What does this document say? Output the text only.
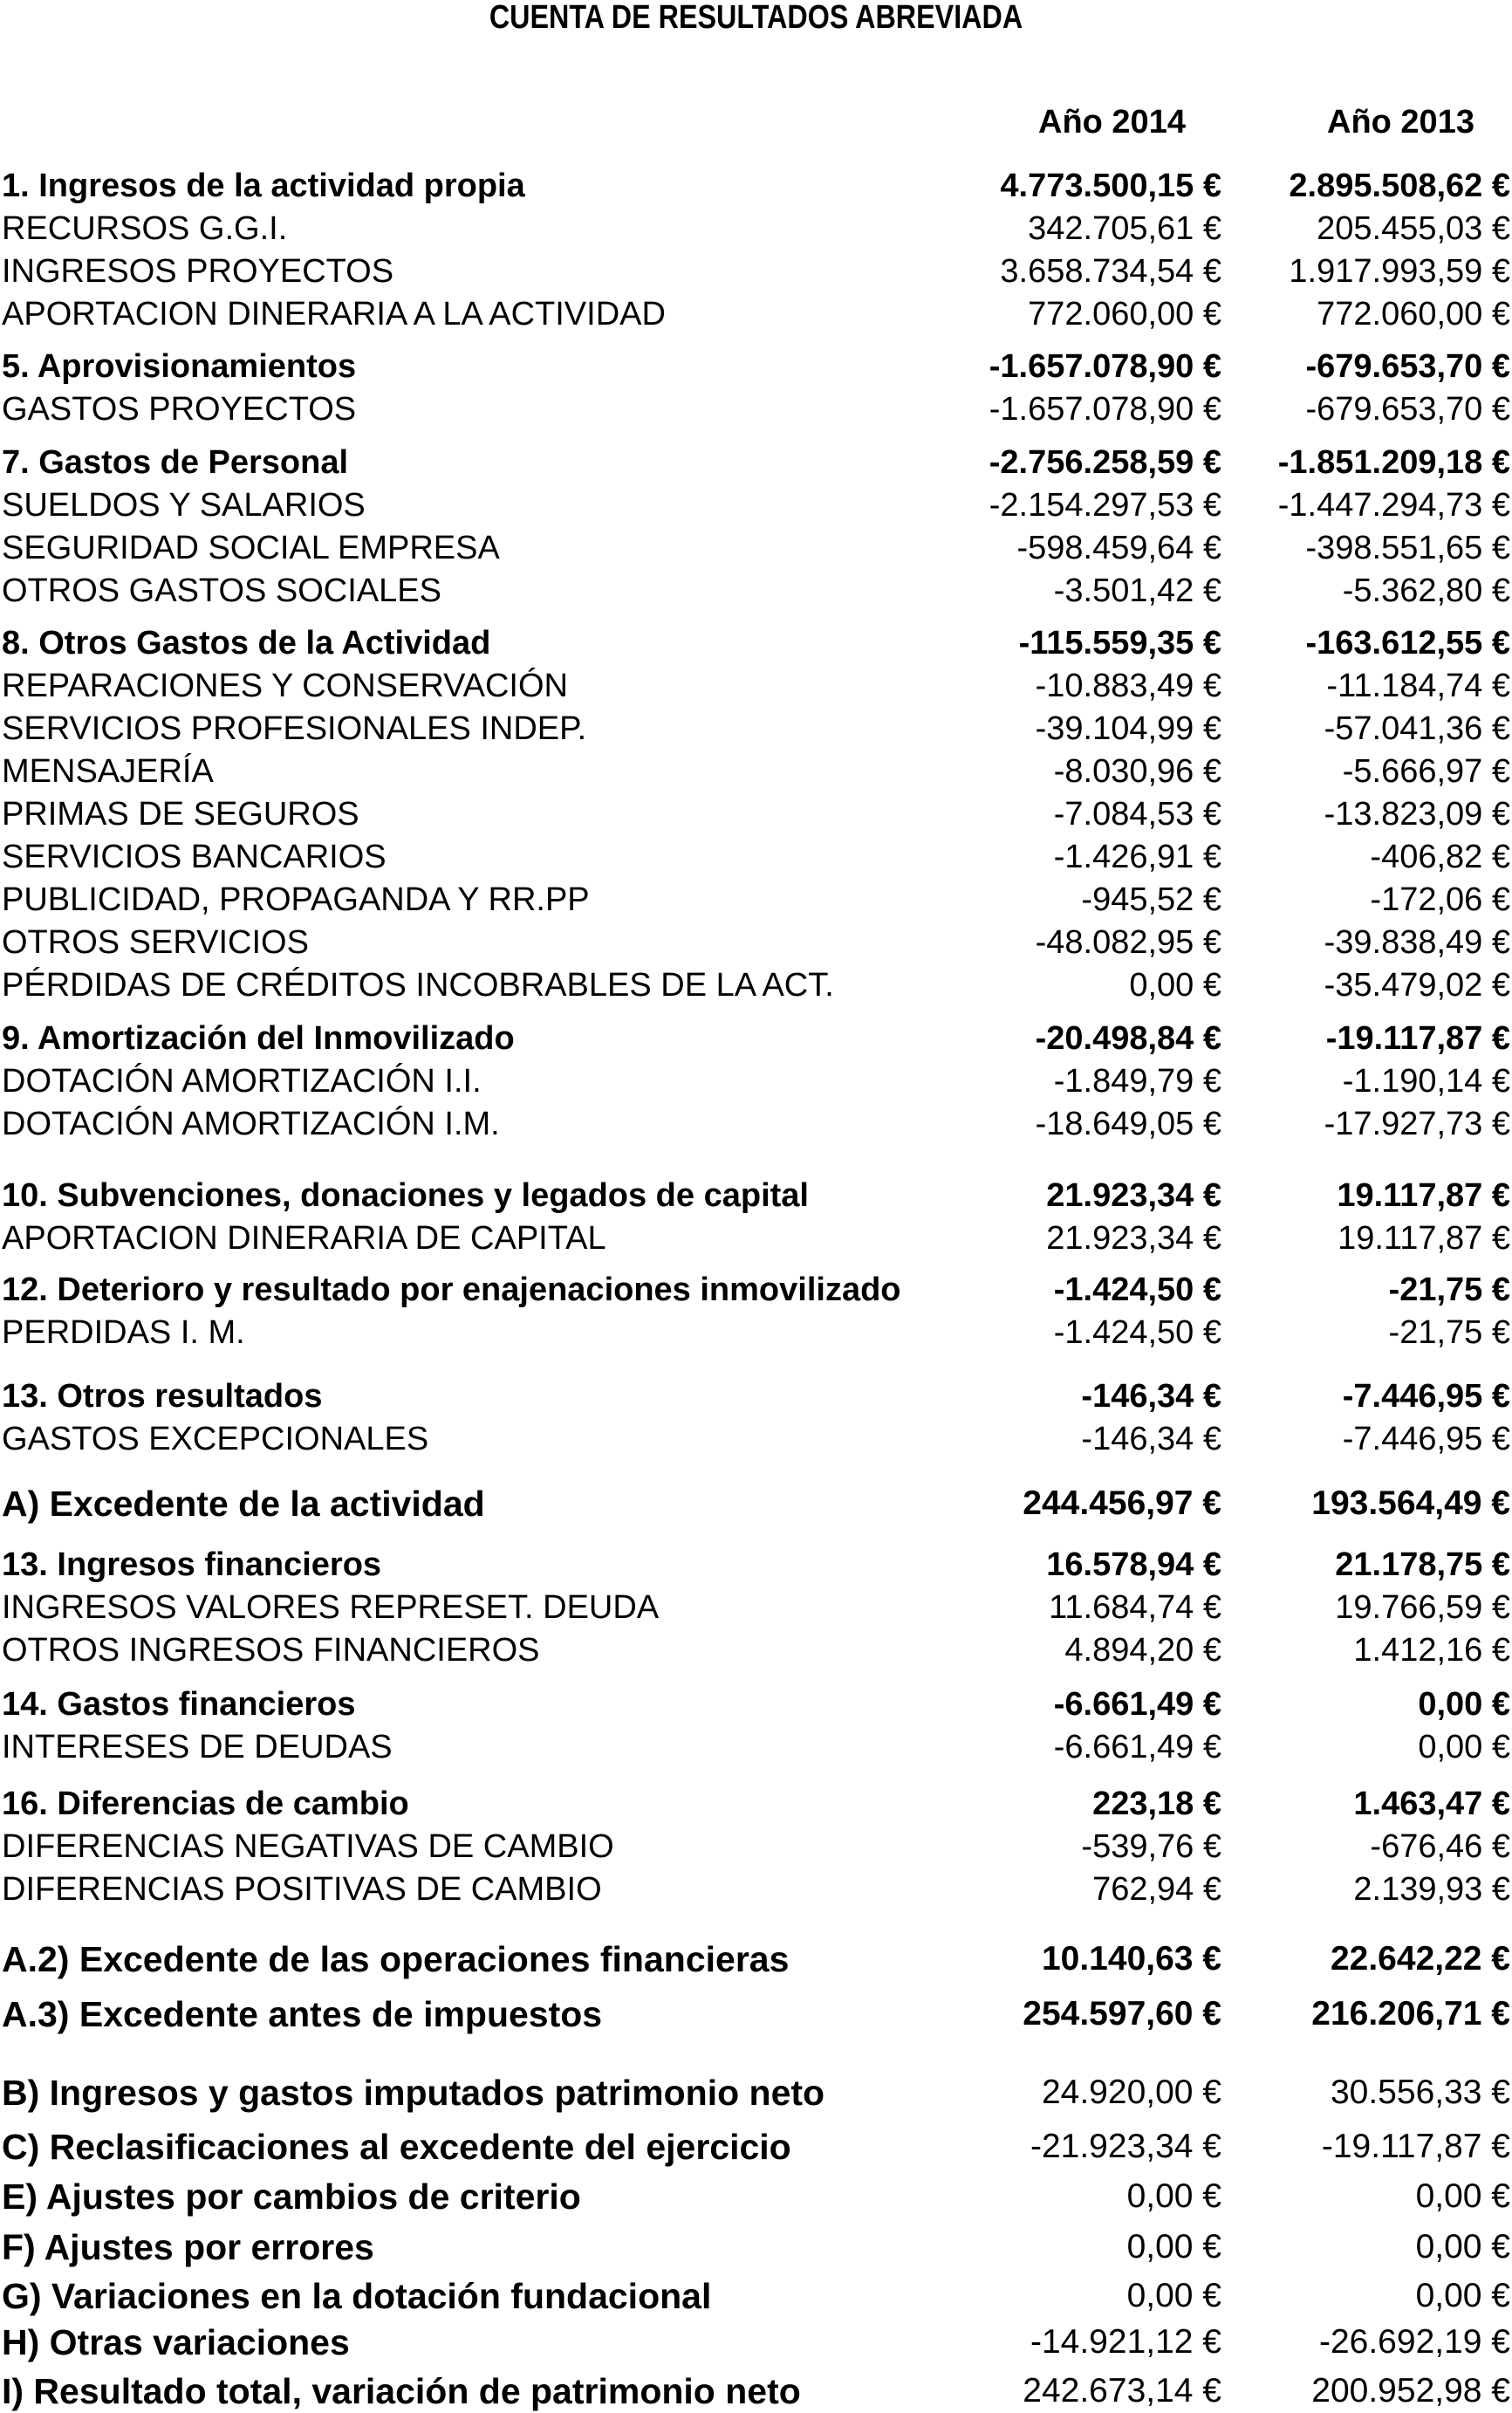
CUENTA DE RESULTADOS ABREVIADA
Año 2014	Año 2013
1. Ingresos de la actividad propia	4.773.500,15 € 2.895.508,62 €
RECURSOS G.G.I.	342.705,61 €	205.455,03 €
INGRESOS PROYECTOS	3.658.734,54 € 1.917.993,59 €
APORTACION DINERARIA A LA ACTIVIDAD	772.060,00 €	772.060,00 €
5. Aprovisionamientos	-1.657.078,90 €	-679.653,70 €
GASTOS PROYECTOS	-1.657.078,90 €	-679.653,70 €
7. Gastos de Personal	-2.756.258,59 € -1.851.209,18 €
SUELDOS Y SALARIOS	-2.154.297,53 € -1.447.294,73 €
SEGURIDAD SOCIAL EMPRESA	-598.459,64 €	-398.551,65 €
OTROS GASTOS SOCIALES	-3.501,42 €	-5.362,80 €
8. Otros Gastos de la Actividad	-115.559,35 €	-163.612,55 €
REPARACIONES Y CONSERVACIÓN	-10.883,49 €	-11.184,74 €
SERVICIOS PROFESIONALES INDEP.	-39.104,99 €	-57.041,36 €
MENSAJERÍA	-8.030,96 €	-5.666,97 €
PRIMAS DE SEGUROS	-7.084,53 €	-13.823,09 €
SERVICIOS BANCARIOS	-1.426,91 €	-406,82 €
PUBLICIDAD, PROPAGANDA Y RR.PP	-945,52 €	-172,06 €
OTROS SERVICIOS	-48.082,95 €	-39.838,49 €
PÉRDIDAS DE CRÉDITOS INCOBRABLES DE LA ACT.	0,00 €	-35.479,02 €
9. Amortización del Inmovilizado	-20.498,84 €	-19.117,87 €
DOTACIÓN AMORTIZACIÓN I.I.	-1.849,79 €	-1.190,14 €
DOTACIÓN AMORTIZACIÓN I.M.	-18.649,05 €	-17.927,73 €
10. Subvenciones, donaciones y legados de capital	21.923,34 €	19.117,87 €
APORTACION DINERARIA DE CAPITAL	21.923,34 €	19.117,87 €
12. Deterioro y resultado por enajenaciones inmovilizado	-1.424,50 €	-21,75 €
PERDIDAS I. M.	-1.424,50 €	-21,75 €
13. Otros resultados	-146,34 €	-7.446,95 €
GASTOS EXCEPCIONALES	-146,34 €	-7.446,95 €
A) Excedente de la actividad	244.456,97 €	193.564,49 €
13. Ingresos financieros	16.578,94 €	21.178,75 €
INGRESOS VALORES REPRESET. DEUDA	11.684,74 €	19.766,59 €
OTROS INGRESOS FINANCIEROS	4.894,20 €	1.412,16 €
14. Gastos financieros	-6.661,49 €	0,00 €
INTERESES DE DEUDAS	-6.661,49 €	0,00 €
16. Diferencias de cambio	223,18 €	1.463,47 €
DIFERENCIAS NEGATIVAS DE CAMBIO	-539,76 €	-676,46 €
DIFERENCIAS POSITIVAS DE CAMBIO	762,94 €	2.139,93 €
A.2) Excedente de las operaciones financieras	10.140,63 €	22.642,22 €
A.3) Excedente antes de impuestos	254.597,60 €	216.206,71 €
B) Ingresos y gastos imputados patrimonio neto	24.920,00 €	30.556,33 €
C) Reclasificaciones al excedente del ejercicio	-21.923,34 €	-19.117,87 €
E) Ajustes por cambios de criterio	0,00 €	0,00 €
F) Ajustes por errores	0,00 €	0,00 €
G) Variaciones en la dotación fundacional	0,00 €	0,00 €
H) Otras variaciones	-14.921,12 €	-26.692,19 €
I) Resultado total, variación de patrimonio neto	242.673,14 €	200.952,98 €
